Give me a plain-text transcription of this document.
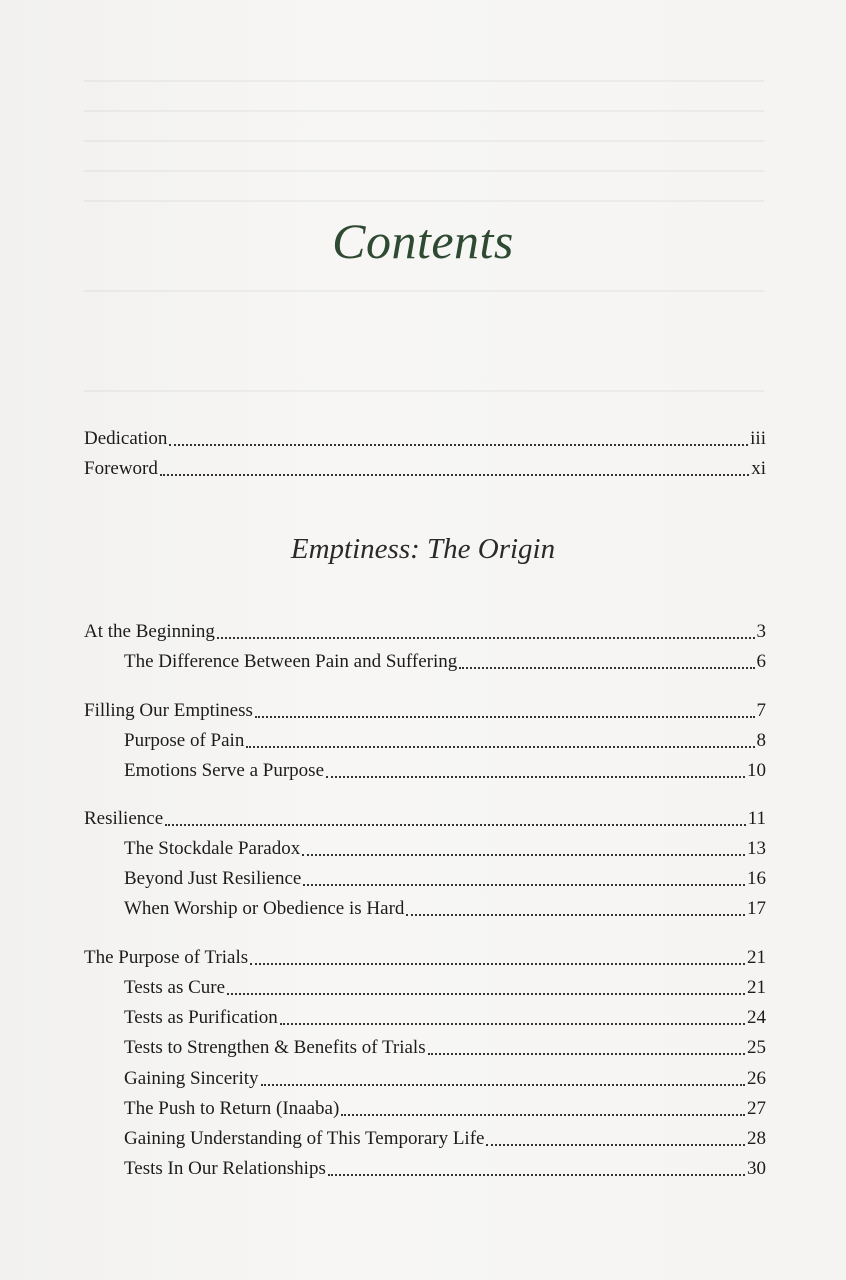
Contents
Dedication	iii
Foreword	xi
Emptiness: The Origin
At the Beginning	3
The Difference Between Pain and Suffering	6
Filling Our Emptiness	7
Purpose of Pain	8
Emotions Serve a Purpose	10
Resilience	11
The Stockdale Paradox	13
Beyond Just Resilience	16
When Worship or Obedience is Hard	17
The Purpose of Trials	21
Tests as Cure	21
Tests as Purification	24
Tests to Strengthen & Benefits of Trials	25
Gaining Sincerity	26
The Push to Return (Inaaba)	27
Gaining Understanding of This Temporary Life	28
Tests In Our Relationships	30
